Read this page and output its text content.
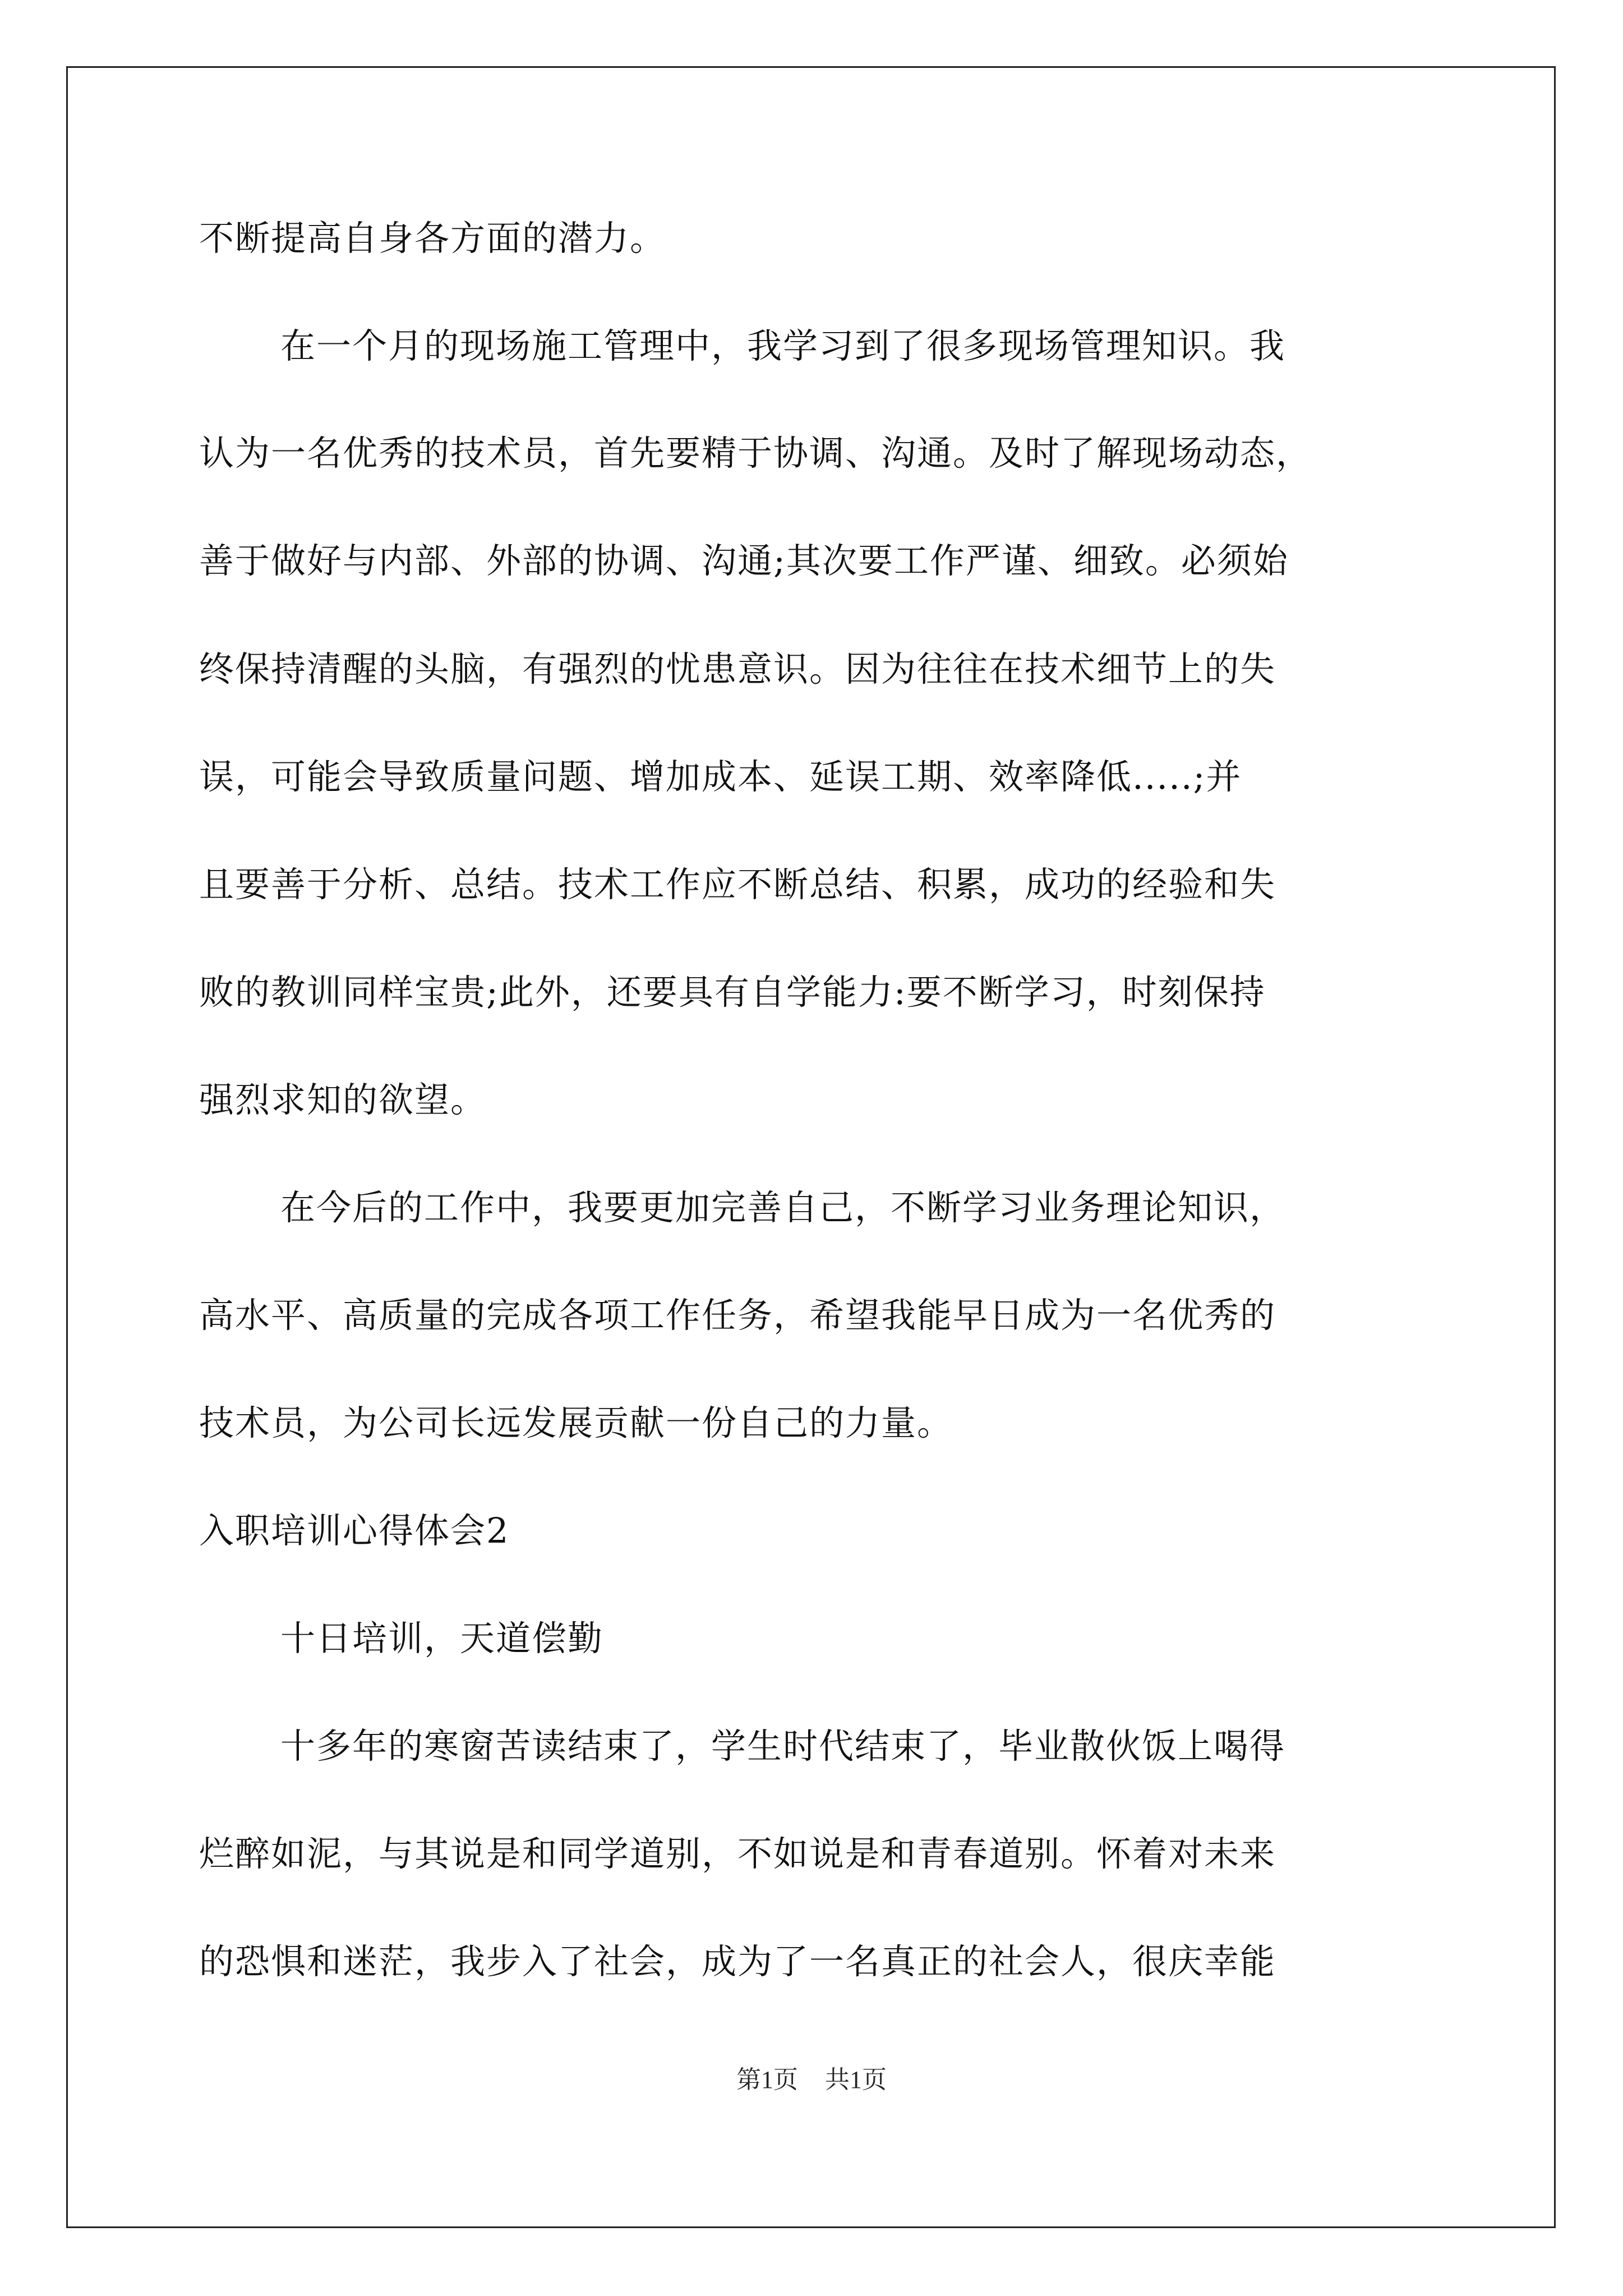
不断提高自身各方面的潜力。
在一个月的现场施工管理中，我学习到了很多现场管理知识。我
认为一名优秀的技术员，首先要精于协调、沟通。及时了解现场动态，
善于做好与内部、外部的协调、沟通;其次要工作严谨、细致。必须始
终保持清醒的头脑，有强烈的忧患意识。因为往往在技术细节上的失
误，可能会导致质量问题、增加成本、延误工期、效率降低.....;并
且要善于分析、总结。技术工作应不断总结、积累，成功的经验和失
败的教训同样宝贵;此外，还要具有自学能力:要不断学习，时刻保持
强烈求知的欲望。
在今后的工作中，我要更加完善自己，不断学习业务理论知识，
高水平、高质量的完成各项工作任务，希望我能早日成为一名优秀的
技术员，为公司长远发展贡献一份自己的力量。
入职培训心得体会2
十日培训，天道偿勤
十多年的寒窗苦读结束了，学生时代结束了，毕业散伙饭上喝得
烂醉如泥，与其说是和同学道别，不如说是和青春道别。怀着对未来
的恐惧和迷茫，我步入了社会，成为了一名真正的社会人，很庆幸能
第1页 共1页
